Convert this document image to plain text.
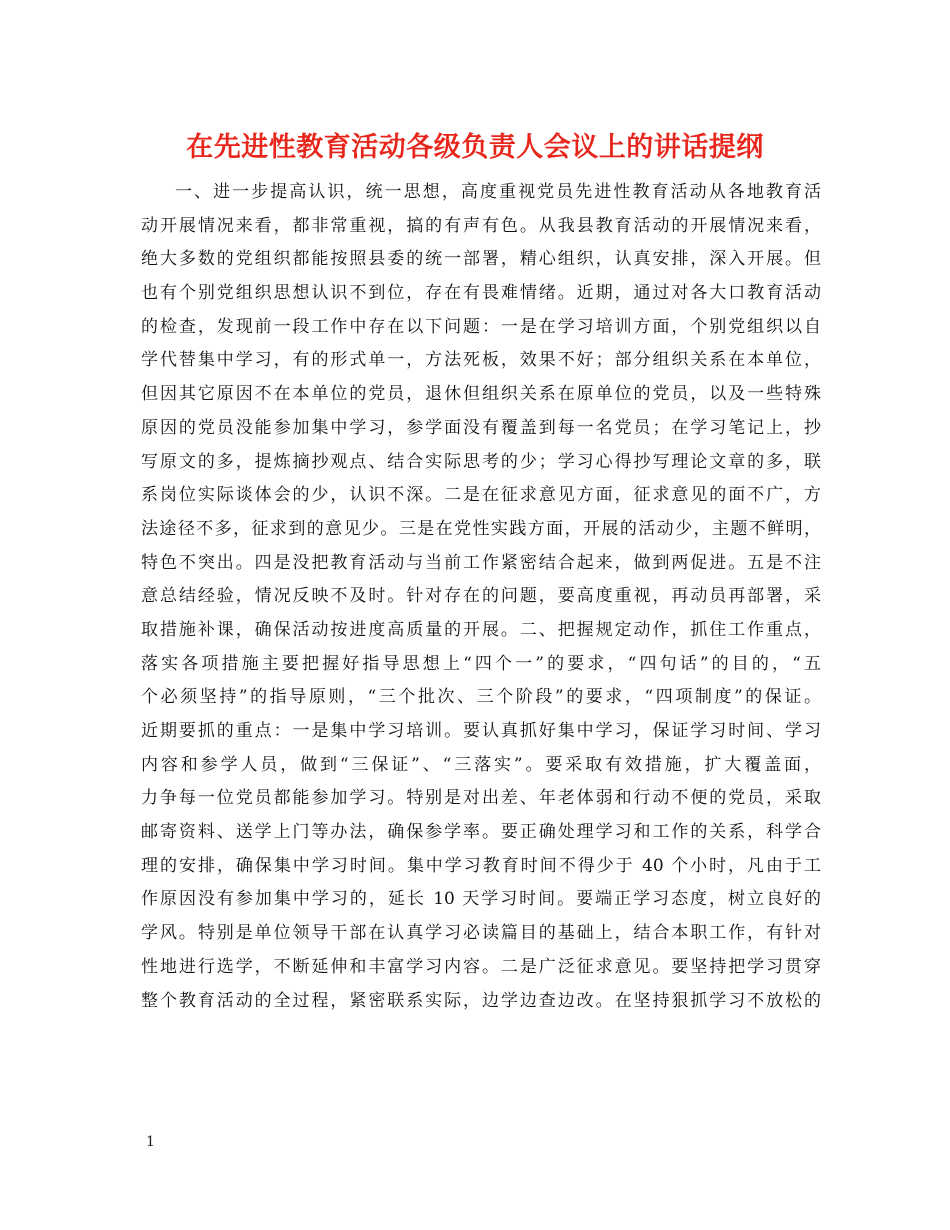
在先进性教育活动各级负责人会议上的讲话提纲
一、进一步提高认识，统一思想，高度重视党员先进性教育活动从各地教育活
动开展情况来看，都非常重视，搞的有声有色。从我县教育活动的开展情况来看，
绝大多数的党组织都能按照县委的统一部署，精心组织，认真安排，深入开展。但
也有个别党组织思想认识不到位，存在有畏难情绪。近期，通过对各大口教育活动
的检查，发现前一段工作中存在以下问题：一是在学习培训方面，个别党组织以自
学代替集中学习，有的形式单一，方法死板，效果不好；部分组织关系在本单位，
但因其它原因不在本单位的党员，退休但组织关系在原单位的党员，以及一些特殊
原因的党员没能参加集中学习，参学面没有覆盖到每一名党员；在学习笔记上，抄
写原文的多，提炼摘抄观点、结合实际思考的少；学习心得抄写理论文章的多，联
系岗位实际谈体会的少，认识不深。二是在征求意见方面，征求意见的面不广，方
法途径不多，征求到的意见少。三是在党性实践方面，开展的活动少，主题不鲜明，
特色不突出。四是没把教育活动与当前工作紧密结合起来，做到两促进。五是不注
意总结经验，情况反映不及时。针对存在的问题，要高度重视，再动员再部署，采
取措施补课，确保活动按进度高质量的开展。二、把握规定动作，抓住工作重点，
落实各项措施主要把握好指导思想上“四个一”的要求，“四句话”的目的，“五
个必须坚持”的指导原则，“三个批次、三个阶段”的要求，“四项制度”的保证。
近期要抓的重点：一是集中学习培训。要认真抓好集中学习，保证学习时间、学习
内容和参学人员，做到“三保证”、“三落实”。要采取有效措施，扩大覆盖面，
力争每一位党员都能参加学习。特别是对出差、年老体弱和行动不便的党员，采取
邮寄资料、送学上门等办法，确保参学率。要正确处理学习和工作的关系，科学合
理的安排，确保集中学习时间。集中学习教育时间不得少于 40 个小时，凡由于工
作原因没有参加集中学习的，延长 10 天学习时间。要端正学习态度，树立良好的
学风。特别是单位领导干部在认真学习必读篇目的基础上，结合本职工作，有针对
性地进行选学，不断延伸和丰富学习内容。二是广泛征求意见。要坚持把学习贯穿
整个教育活动的全过程，紧密联系实际，边学边查边改。在坚持狠抓学习不放松的
1
